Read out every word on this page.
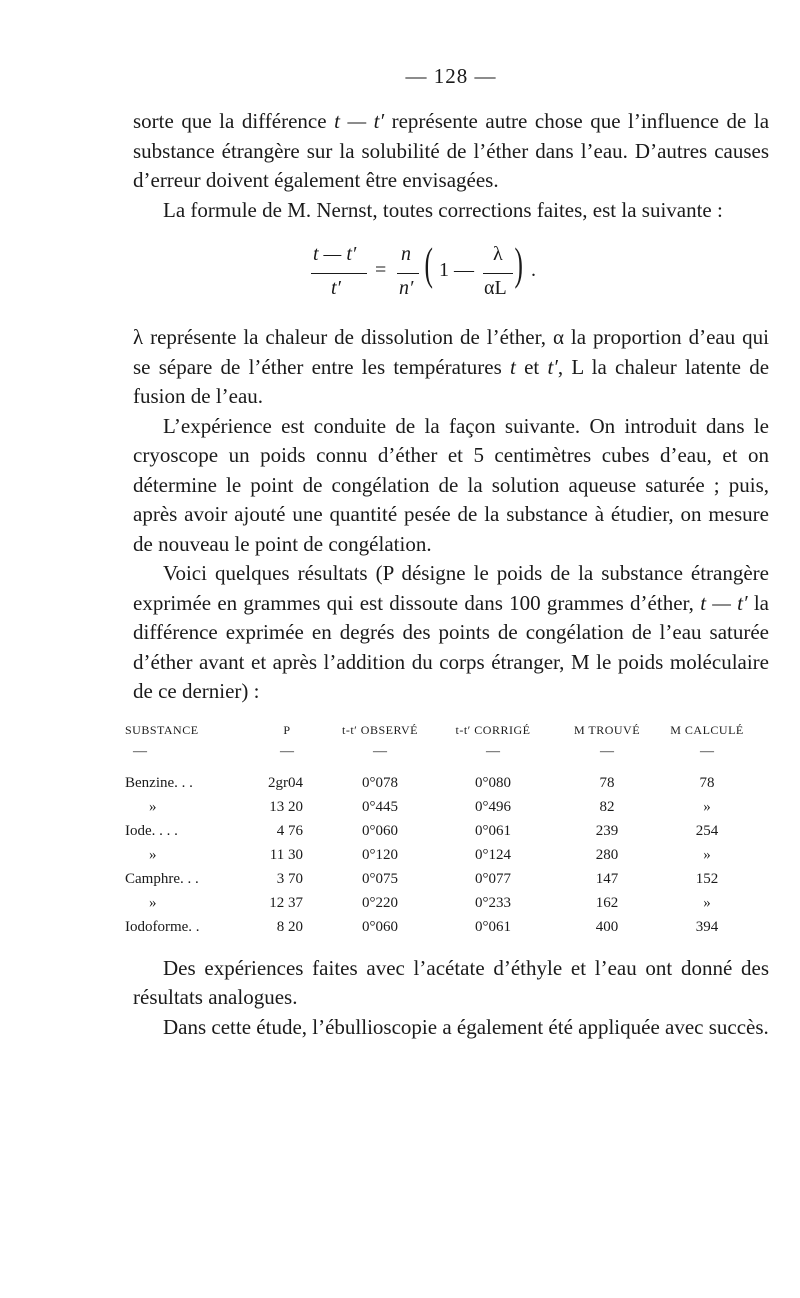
— 128 —

sorte que la différence t — t′ représente autre chose que l’influence de la substance étrangère sur la solubilité de l’éther dans l’eau. D’autres causes d’erreur doivent également être envisagées.

La formule de M. Nernst, toutes corrections faites, est la suivante :

t — t′
t′
=
n
n′ ( 1 —
λ
αL ) .

λ représente la chaleur de dissolution de l’éther, α la proportion d’eau qui se sépare de l’éther entre les températures t et t′, L la chaleur latente de fusion de l’eau.

L’expérience est conduite de la façon suivante. On introduit dans le cryoscope un poids connu d’éther et 5 centimètres cubes d’eau, et on détermine le point de congélation de la solution aqueuse saturée ; puis, après avoir ajouté une quantité pesée de la substance à étudier, on mesure de nouveau le point de congélation.

Voici quelques résultats (P désigne le poids de la substance étrangère exprimée en grammes qui est dissoute dans 100 grammes d’éther, t — t′ la différence exprimée en degrés des points de congélation de l’eau saturée d’éther avant et après l’addition du corps étranger, M le poids moléculaire de ce dernier) :

SUBSTANCE	P	t-t′ OBSERVÉ	t-t′ CORRIGÉ	M TROUVÉ	M CALCULÉ
—	—	—	—	—	—
Benzine. . .	2gr04	0°078	0°080	78	78
»	13 20	0°445	0°496	82	»
Iode. . . .	4 76	0°060	0°061	239	254
»	11 30	0°120	0°124	280	»
Camphre. . .	3 70	0°075	0°077	147	152
»	12 37	0°220	0°233	162	»
Iodoforme. .	8 20	0°060	0°061	400	394

Des expériences faites avec l’acétate d’éthyle et l’eau ont donné des résultats analogues.

Dans cette étude, l’ébullioscopie a également été appliquée avec succès.
